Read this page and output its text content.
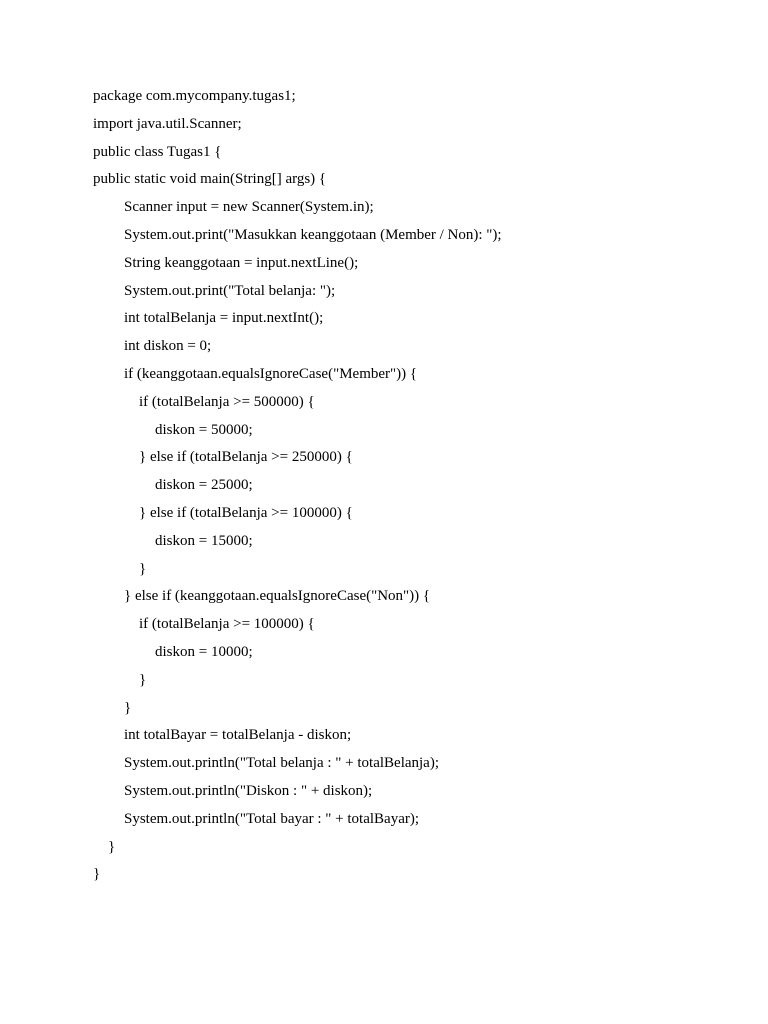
package com.mycompany.tugas1;
import java.util.Scanner;
public class Tugas1 {
public static void main(String[] args) {
Scanner input = new Scanner(System.in);
System.out.print("Masukkan keanggotaan (Member / Non): ");
String keanggotaan = input.nextLine();
System.out.print("Total belanja: ");
int totalBelanja = input.nextInt();
int diskon = 0;
if (keanggotaan.equalsIgnoreCase("Member")) {
if (totalBelanja >= 500000) {
diskon = 50000;
} else if (totalBelanja >= 250000) {
diskon = 25000;
} else if (totalBelanja >= 100000) {
diskon = 15000;
}
} else if (keanggotaan.equalsIgnoreCase("Non")) {
if (totalBelanja >= 100000) {
diskon = 10000;
}
}
int totalBayar = totalBelanja - diskon;
System.out.println("Total belanja : " + totalBelanja);
System.out.println("Diskon : " + diskon);
System.out.println("Total bayar : " + totalBayar);
}
}
